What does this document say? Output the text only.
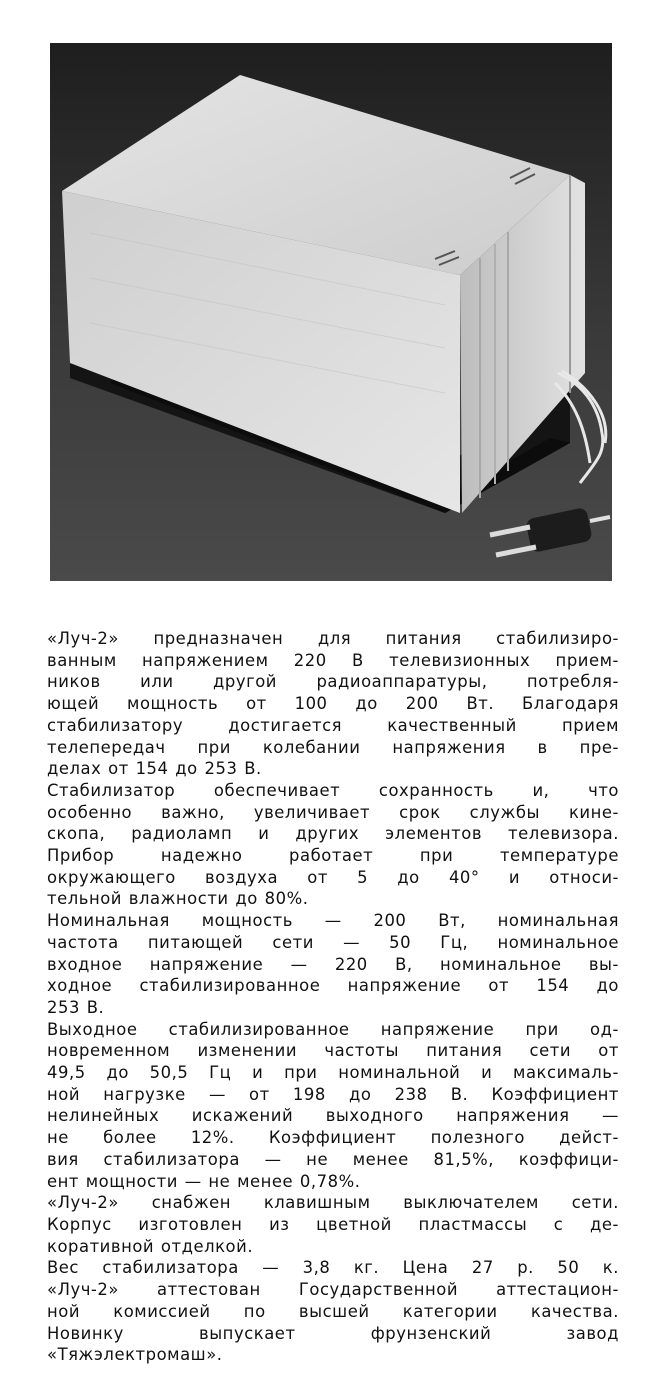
«Луч-2» предназначен для питания стабилизиро-
ванным напряжением 220 В телевизионных прием-
ников или другой радиоаппаратуры, потребля-
ющей мощность от 100 до 200 Вт. Благодаря
стабилизатору достигается качественный прием
телепередач при колебании напряжения в пре-
делах от 154 до 253 В.

Стабилизатор обеспечивает сохранность и, что
особенно важно, увеличивает срок службы кине-
скопа, радиоламп и других элементов телевизора.
Прибор надежно работает при температуре
окружающего воздуха от 5 до 40° и относи-
тельной влажности до 80%.

Номинальная мощность — 200 Вт, номинальная
частота питающей сети — 50 Гц, номинальное
входное напряжение — 220 В, номинальное вы-
ходное стабилизированное напряжение от 154 до
253 В.

Выходное стабилизированное напряжение при од-
новременном изменении частоты питания сети от
49,5 до 50,5 Гц и при номинальной и максималь-
ной нагрузке — от 198 до 238 В. Коэффициент
нелинейных искажений выходного напряжения —
не более 12%. Коэффициент полезного дейст-
вия стабилизатора — не менее 81,5%, коэффици-
ент мощности — не менее 0,78%.

«Луч-2» снабжен клавишным выключателем сети.
Корпус изготовлен из цветной пластмассы с де-
коративной отделкой.

Вес стабилизатора — 3,8 кг. Цена 27 р. 50 к.

«Луч-2» аттестован Государственной аттестацион-
ной комиссией по высшей категории качества.
Новинку выпускает фрунзенский завод
«Тяжэлектромаш».
